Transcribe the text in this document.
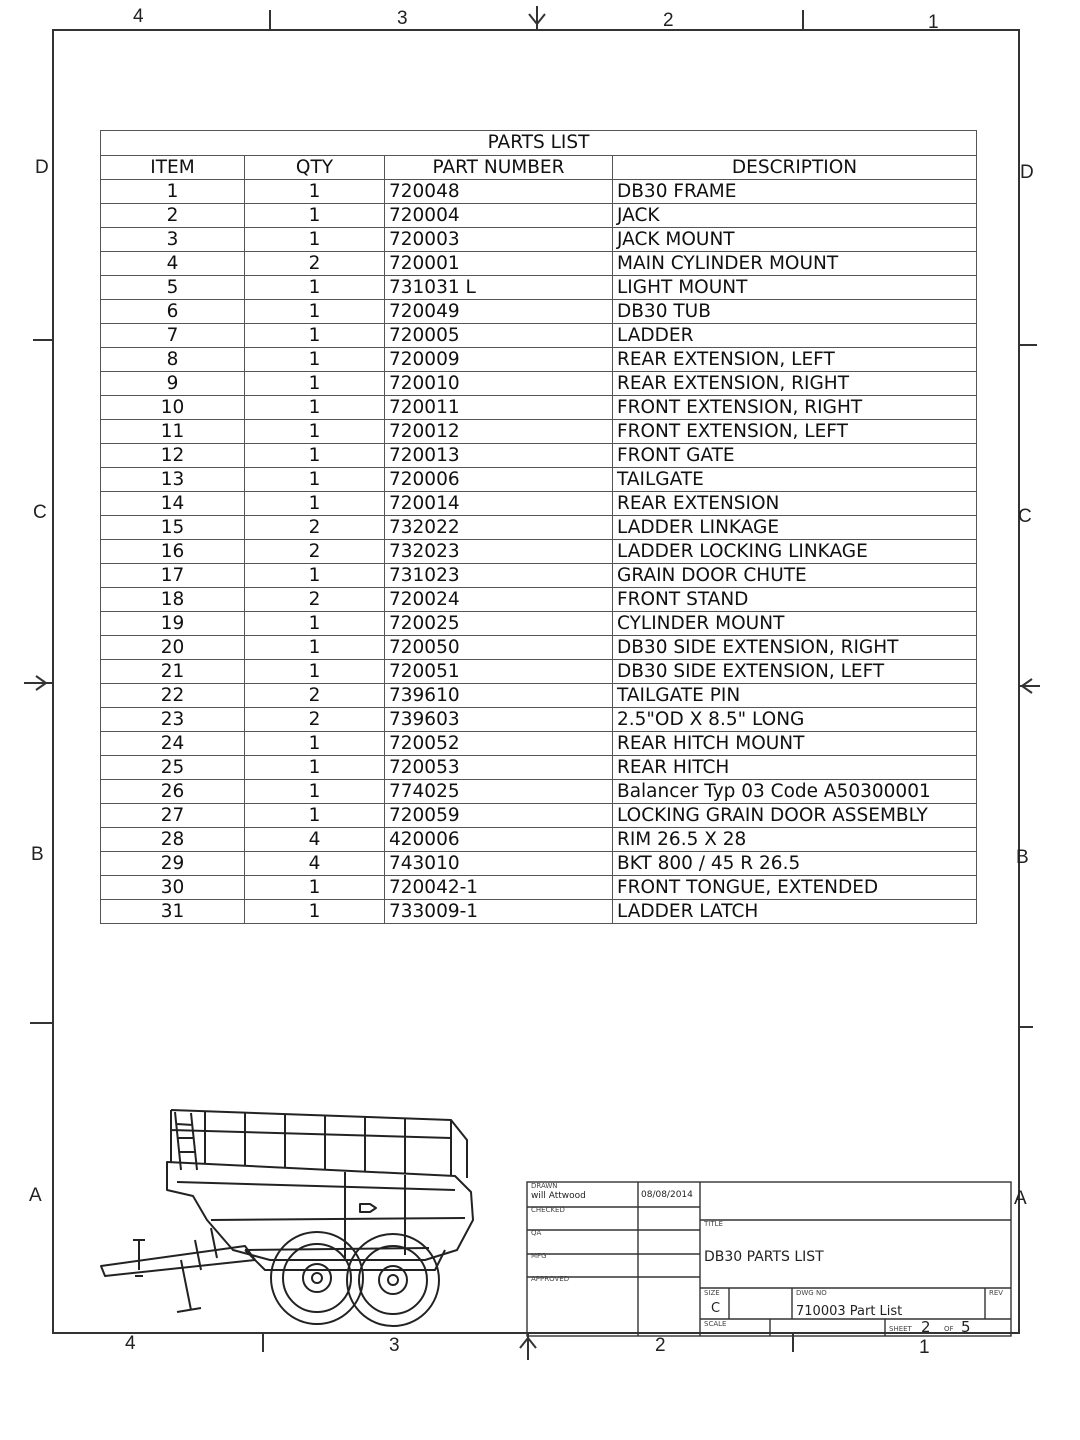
4	3	2	1
4	3	2	1
D
C
B
A
D
C
B
A
PARTS LIST			
ITEM	QTY	PART NUMBER	DESCRIPTION
1	1	720048	DB30 FRAME
2	1	720004	JACK
3	1	720003	JACK MOUNT
4	2	720001	MAIN CYLINDER MOUNT
5	1	731031 L	LIGHT MOUNT
6	1	720049	DB30 TUB
7	1	720005	LADDER
8	1	720009	REAR EXTENSION, LEFT
9	1	720010	REAR EXTENSION, RIGHT
10	1	720011	FRONT EXTENSION, RIGHT
11	1	720012	FRONT EXTENSION, LEFT
12	1	720013	FRONT GATE
13	1	720006	TAILGATE
14	1	720014	REAR EXTENSION
15	2	732022	LADDER LINKAGE
16	2	732023	LADDER LOCKING LINKAGE
17	1	731023	GRAIN DOOR CHUTE
18	2	720024	FRONT STAND
19	1	720025	CYLINDER MOUNT
20	1	720050	DB30 SIDE EXTENSION, RIGHT
21	1	720051	DB30 SIDE EXTENSION, LEFT
22	2	739610	TAILGATE PIN
23	2	739603	2.5"OD X 8.5" LONG
24	1	720052	REAR HITCH MOUNT
25	1	720053	REAR HITCH
26	1	774025	Balancer Typ 03 Code A50300001
27	1	720059	LOCKING GRAIN DOOR ASSEMBLY
28	4	420006	RIM 26.5 X 28
29	4	743010	BKT 800 / 45 R 26.5
30	1	720042-1	FRONT TONGUE, EXTENDED
31	1	733009-1	LADDER LATCH
DRAWN
will Attwood	08/08/2014
CHECKED
QA
MFG
APPROVED
TITLE
DB30 PARTS LIST
SIZE
C
DWG NO
710003 Part List
REV
SCALE
SHEET 2 OF 5
